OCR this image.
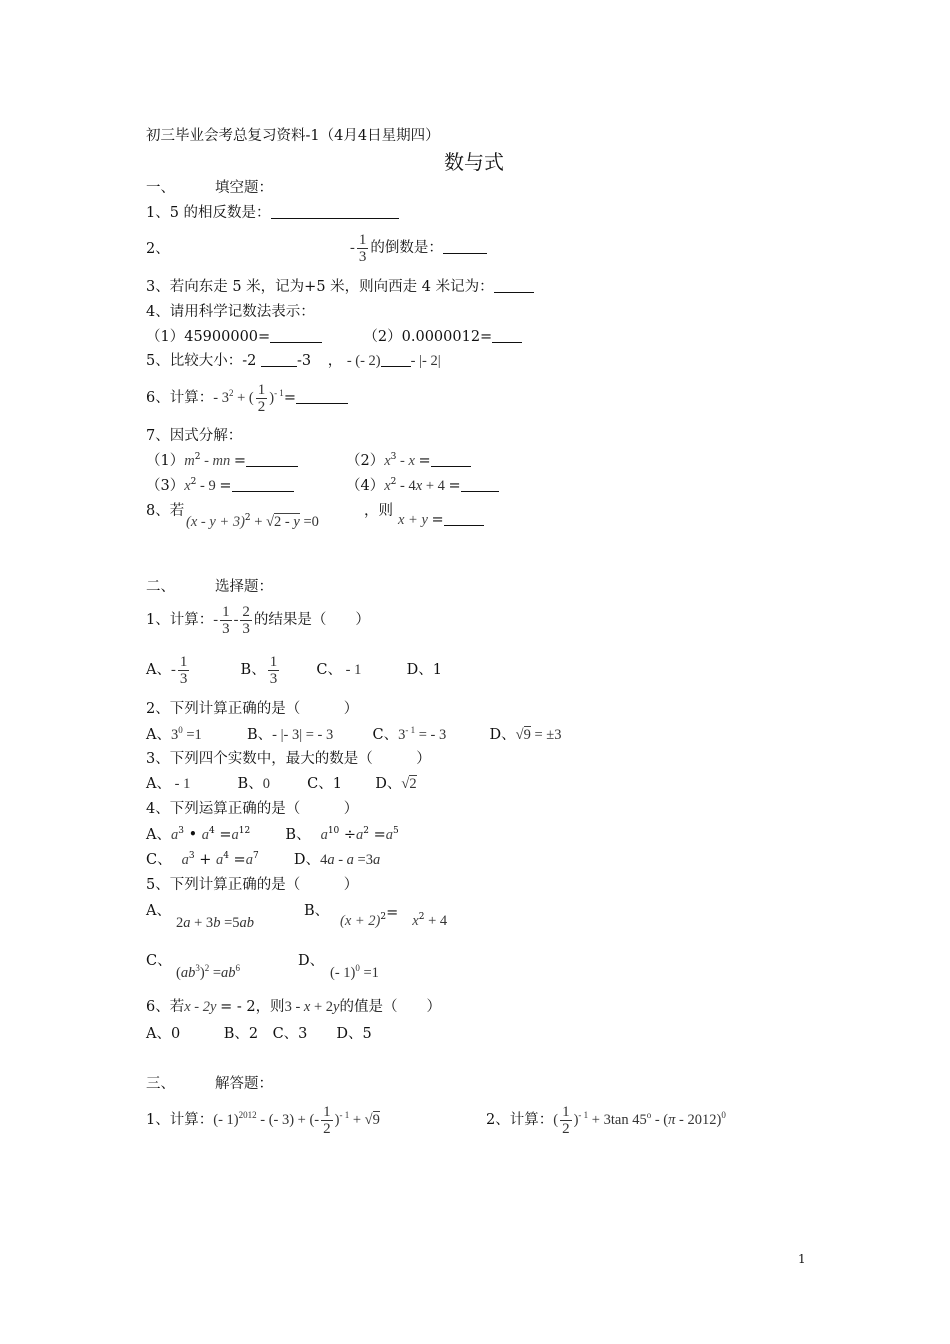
初三毕业会考总复习资料-1（4月4日星期四）
数与式
一、	填空题：
1、5 的相反数是：
2、	- $\frac{1}{3}$ 的倒数是：
3、若向东走 5 米，记为+5 米，则向西走 4 米记为：
4、请用科学记数法表示：
（1）45900000=	（2）0.0000012=
5、比较大小：-2	-3 ， - (- 2) - |- 2|
6、计算：- $3^2$ + ( $\frac{1}{2} )^{- 1}=$
7、因式分解：
$(1)m^2$ - mn =	$(2)x^3$ - x =
$(3)x^2 - 9$ =	$(4)x^2 - 4x + 4$ =
8、若
$(x - y + 3)^2 + √2 - y =0$
，则
x + y =
二、	选择题：
1、计算：- $\frac{1}{3} - \frac{2}{3}$ 的结果是（　　）
A、- $\frac{1}{3}$	B、 $\frac{1}{3}$	C、 - 1	D、1
2、下列计算正确的是（　　　）
A、$3^0 =1$	B、- |- 3| = - 3	C、$3^{- 1}$ = - 3	D、√9 = ±3
3、下列四个实数中，最大的数是（　　　）
A、 - 1	B、0	C、1 D、√2
4、下列运算正确的是（　　　）
A、$a^3$ • $a^4 =a^{12}$ B、 $a^{10} \div a^2 =a^5$
C、 $a^3 + a^4 =a^7$ D、4a - a =3a
5、下列计算正确的是（　　　）
A、
2a + 3b =5ab
B、
$(x + 2)^2= x^2 + 4$
C、
$(ab^3)^2 =ab^6$	D、
(- 1)$^0$ =1
6、若x - 2y = - 2，则3 - x + 2y的值是（　　）
A、0　　　B、2　C、3　　D、5
三、	解答题：
1、计算：(- 1)$^{2012}$ - (- 3) + (- $\frac{1}{2} )^{- 1} + √9$	2、计算：( $\frac{1}{2} )^{- 1} + 3\tan$ 45$^o$ - (π - 2012)$^0$
1
